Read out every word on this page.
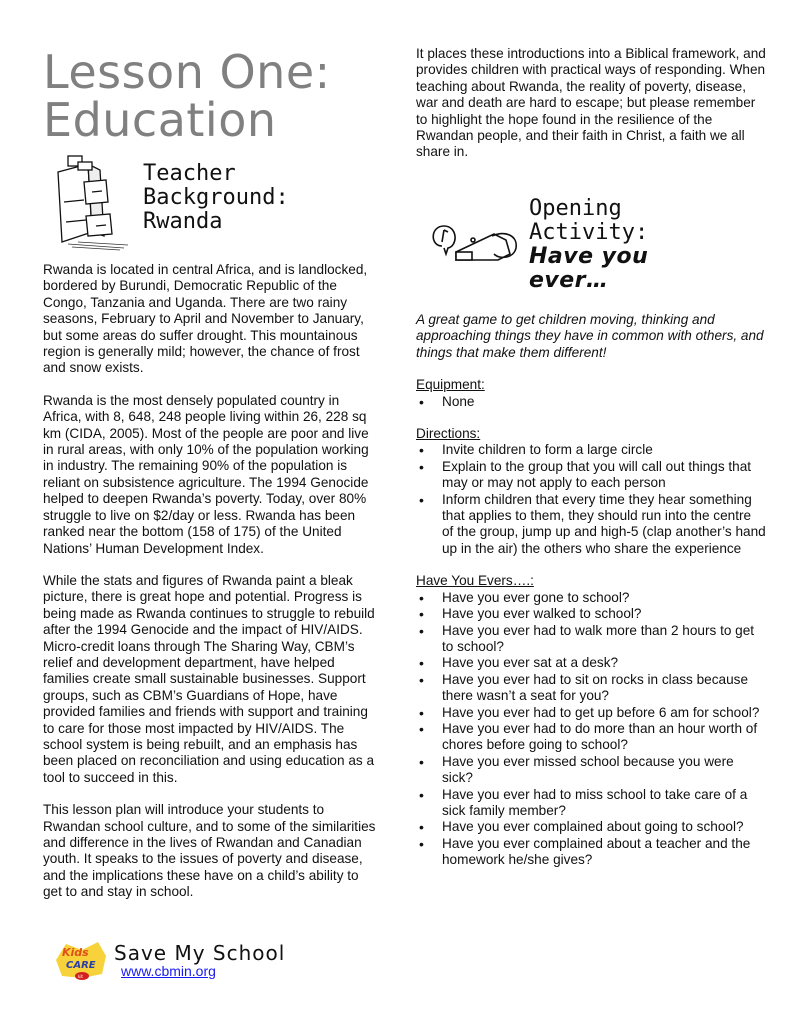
Lesson One:
Education
Teacher
Background:
Rwanda

Rwanda is located in central Africa, and is landlocked, bordered by Burundi, Democratic Republic of the Congo, Tanzania and Uganda. There are two rainy seasons, February to April and November to January, but some areas do suffer drought. This mountainous region is generally mild; however, the chance of frost and snow exists.

Rwanda is the most densely populated country in Africa, with 8, 648, 248 people living within 26, 228 sq km (CIDA, 2005). Most of the people are poor and live in rural areas, with only 10% of the population working in industry. The remaining 90% of the population is reliant on subsistence agriculture. The 1994 Genocide helped to deepen Rwanda’s poverty. Today, over 80% struggle to live on $2/day or less. Rwanda has been ranked near the bottom (158 of 175) of the United Nations’ Human Development Index.

While the stats and figures of Rwanda paint a bleak picture, there is great hope and potential. Progress is being made as Rwanda continues to struggle to rebuild after the 1994 Genocide and the impact of HIV/AIDS. Micro-credit loans through The Sharing Way, CBM’s relief and development department, have helped families create small sustainable businesses. Support groups, such as CBM’s Guardians of Hope, have provided families and friends with support and training to care for those most impacted by HIV/AIDS. The school system is being rebuilt, and an emphasis has been placed on reconciliation and using education as a tool to succeed in this.

This lesson plan will introduce your students to Rwandan school culture, and to some of the similarities and difference in the lives of Rwandan and Canadian youth. It speaks to the issues of poverty and disease, and the implications these have on a child’s ability to get to and stay in school.

Kids
CARE
kit
Save My School
www.cbmin.org

It places these introductions into a Biblical framework, and provides children with practical ways of responding. When teaching about Rwanda, the reality of poverty, disease, war and death are hard to escape; but please remember to highlight the hope found in the resilience of the Rwandan people, and their faith in Christ, a faith we all share in.

Opening
Activity:
Have you
ever…

A great game to get children moving, thinking and approaching things they have in common with others, and things that make them different!

Equipment:

• None

Directions:

• Invite children to form a large circle
• Explain to the group that you will call out things that may or may not apply to each person
• Inform children that every time they hear something that applies to them, they should run into the centre of the group, jump up and high-5 (clap another’s hand up in the air) the others who share the experience

Have You Evers….:

• Have you ever gone to school?
• Have you ever walked to school?
• Have you ever had to walk more than 2 hours to get to school?
• Have you ever sat at a desk?
• Have you ever had to sit on rocks in class because there wasn’t a seat for you?
• Have you ever had to get up before 6 am for school?
• Have you ever had to do more than an hour worth of chores before going to school?
• Have you ever missed school because you were sick?
• Have you ever had to miss school to take care of a sick family member?
• Have you ever complained about going to school?
• Have you ever complained about a teacher and the homework he/she gives?
